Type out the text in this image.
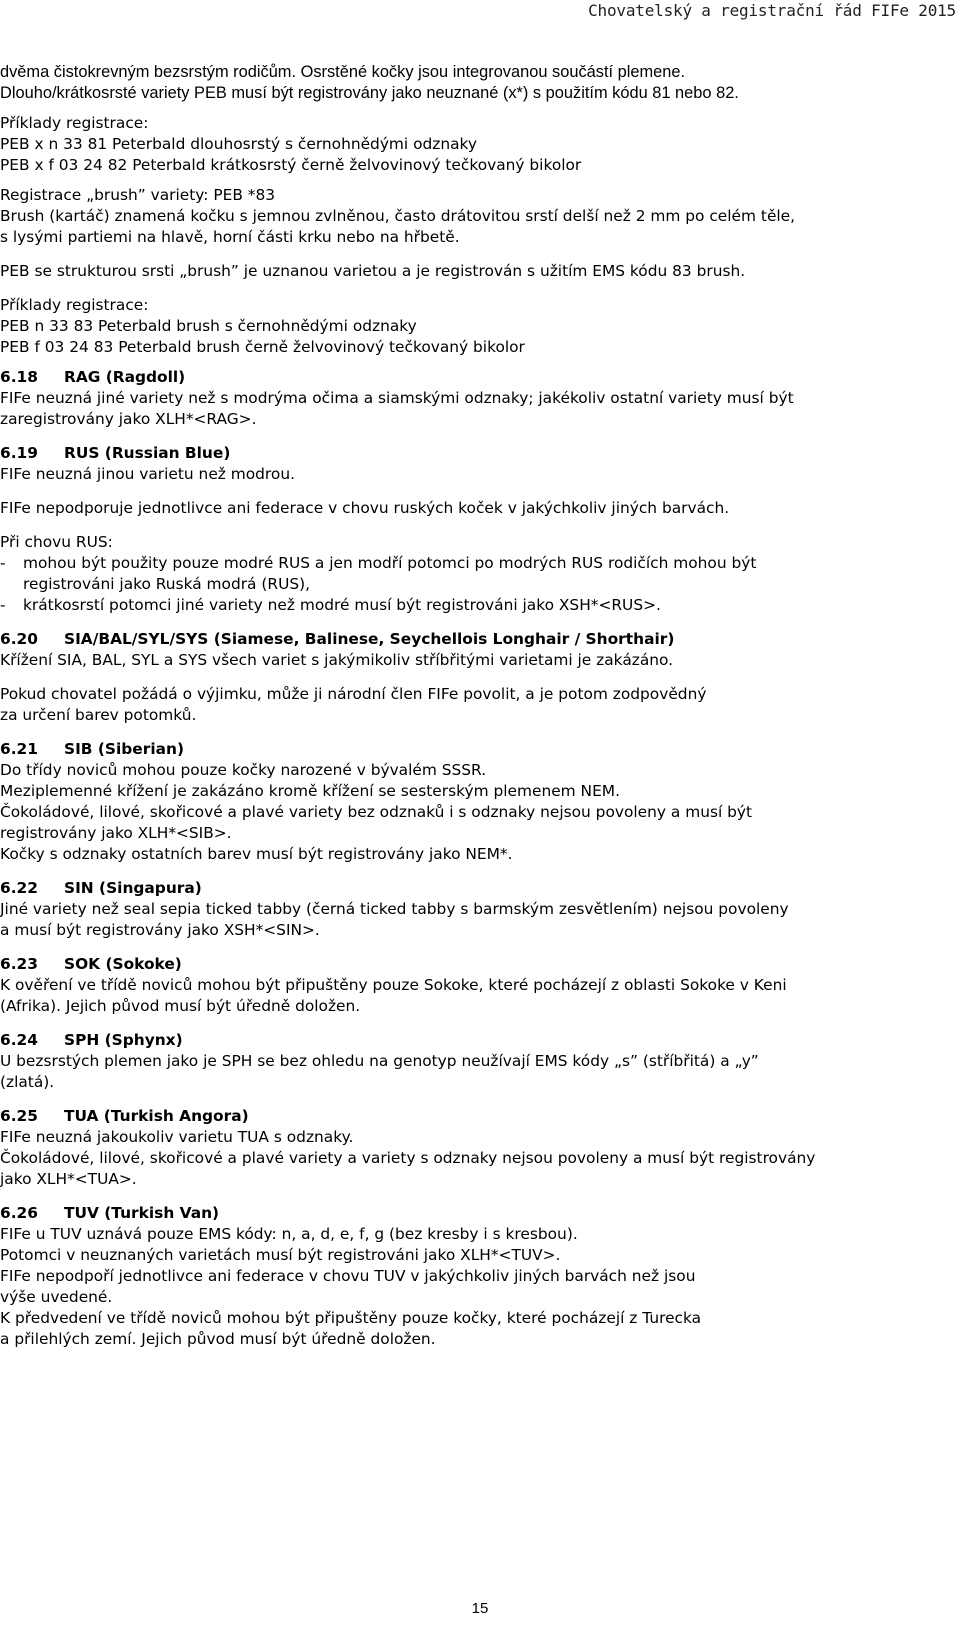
Chovatelský a registrační řád FIFe 2015

dvěma čistokrevným bezsrstým rodičům. Osrstěné kočky jsou integrovanou součástí plemene.

Dlouho/krátkosrsté variety PEB musí být registrovány jako neuznané (x*) s použitím kódu 81 nebo 82.

Příklady registrace:

PEB x n 33 81 Peterbald dlouhosrstý s černohnědými odznaky

PEB x f 03 24 82 Peterbald krátkosrstý černě želvovinový tečkovaný bikolor

Registrace „brush” variety: PEB *83

Brush (kartáč) znamená kočku s jemnou zvlněnou, často drátovitou srstí delší než 2 mm po celém těle,

s lysými partiemi na hlavě, horní části krku nebo na hřbetě.

PEB se strukturou srsti „brush” je uznanou varietou a je registrován s užitím EMS kódu 83 brush.

Příklady registrace:

PEB n 33 83 Peterbald brush s černohnědými odznaky

PEB f 03 24 83 Peterbald brush černě želvovinový tečkovaný bikolor

6.18 RAG (Ragdoll)

FIFe neuzná jiné variety než s modrýma očima a siamskými odznaky; jakékoliv ostatní variety musí být

zaregistrovány jako XLH*<RAG>.

6.19 RUS (Russian Blue)

FIFe neuzná jinou varietu než modrou.

FIFe nepodporuje jednotlivce ani federace v chovu ruských koček v jakýchkoliv jiných barvách.

Při chovu RUS:

-	mohou být použity pouze modré RUS a jen modří potomci po modrých RUS rodičích mohou být

registrováni jako Ruská modrá (RUS),

-	krátkosrstí potomci jiné variety než modré musí být registrováni jako XSH*<RUS>.

6.20 SIA/BAL/SYL/SYS (Siamese, Balinese, Seychellois Longhair / Shorthair)

Křížení SIA, BAL, SYL a SYS všech variet s jakýmikoliv stříbřitými varietami je zakázáno.

Pokud chovatel požádá o výjimku, může ji národní člen FIFe povolit, a je potom zodpovědný

za určení barev potomků.

6.21 SIB (Siberian)

Do třídy noviců mohou pouze kočky narozené v bývalém SSSR.

Meziplemenné křížení je zakázáno kromě křížení se sesterským plemenem NEM.

Čokoládové, lilové, skořicové a plavé variety bez odznaků i s odznaky nejsou povoleny a musí být

registrovány jako XLH*<SIB>.

Kočky s odznaky ostatních barev musí být registrovány jako NEM*.

6.22 SIN (Singapura)

Jiné variety než seal sepia ticked tabby (černá ticked tabby s barmským zesvětlením) nejsou povoleny

a musí být registrovány jako XSH*<SIN>.

6.23 SOK (Sokoke)

K ověření ve třídě noviců mohou být připuštěny pouze Sokoke, které pocházejí z oblasti Sokoke v Keni

(Afrika). Jejich původ musí být úředně doložen.

6.24 SPH (Sphynx)

U bezsrstých plemen jako je SPH se bez ohledu na genotyp neužívají EMS kódy „s” (stříbřitá) a „y”

(zlatá).

6.25 TUA (Turkish Angora)

FIFe neuzná jakoukoliv varietu TUA s odznaky.

Čokoládové, lilové, skořicové a plavé variety a variety s odznaky nejsou povoleny a musí být registrovány

jako XLH*<TUA>.

6.26 TUV (Turkish Van)

FIFe u TUV uznává pouze EMS kódy: n, a, d, e, f, g (bez kresby i s kresbou).

Potomci v neuznaných varietách musí být registrováni jako XLH*<TUV>.

FIFe nepodpoří jednotlivce ani federace v chovu TUV v jakýchkoliv jiných barvách než jsou

výše uvedené.

K předvedení ve třídě noviců mohou být připuštěny pouze kočky, které pocházejí z Turecka

a přilehlých zemí. Jejich původ musí být úředně doložen.

15
